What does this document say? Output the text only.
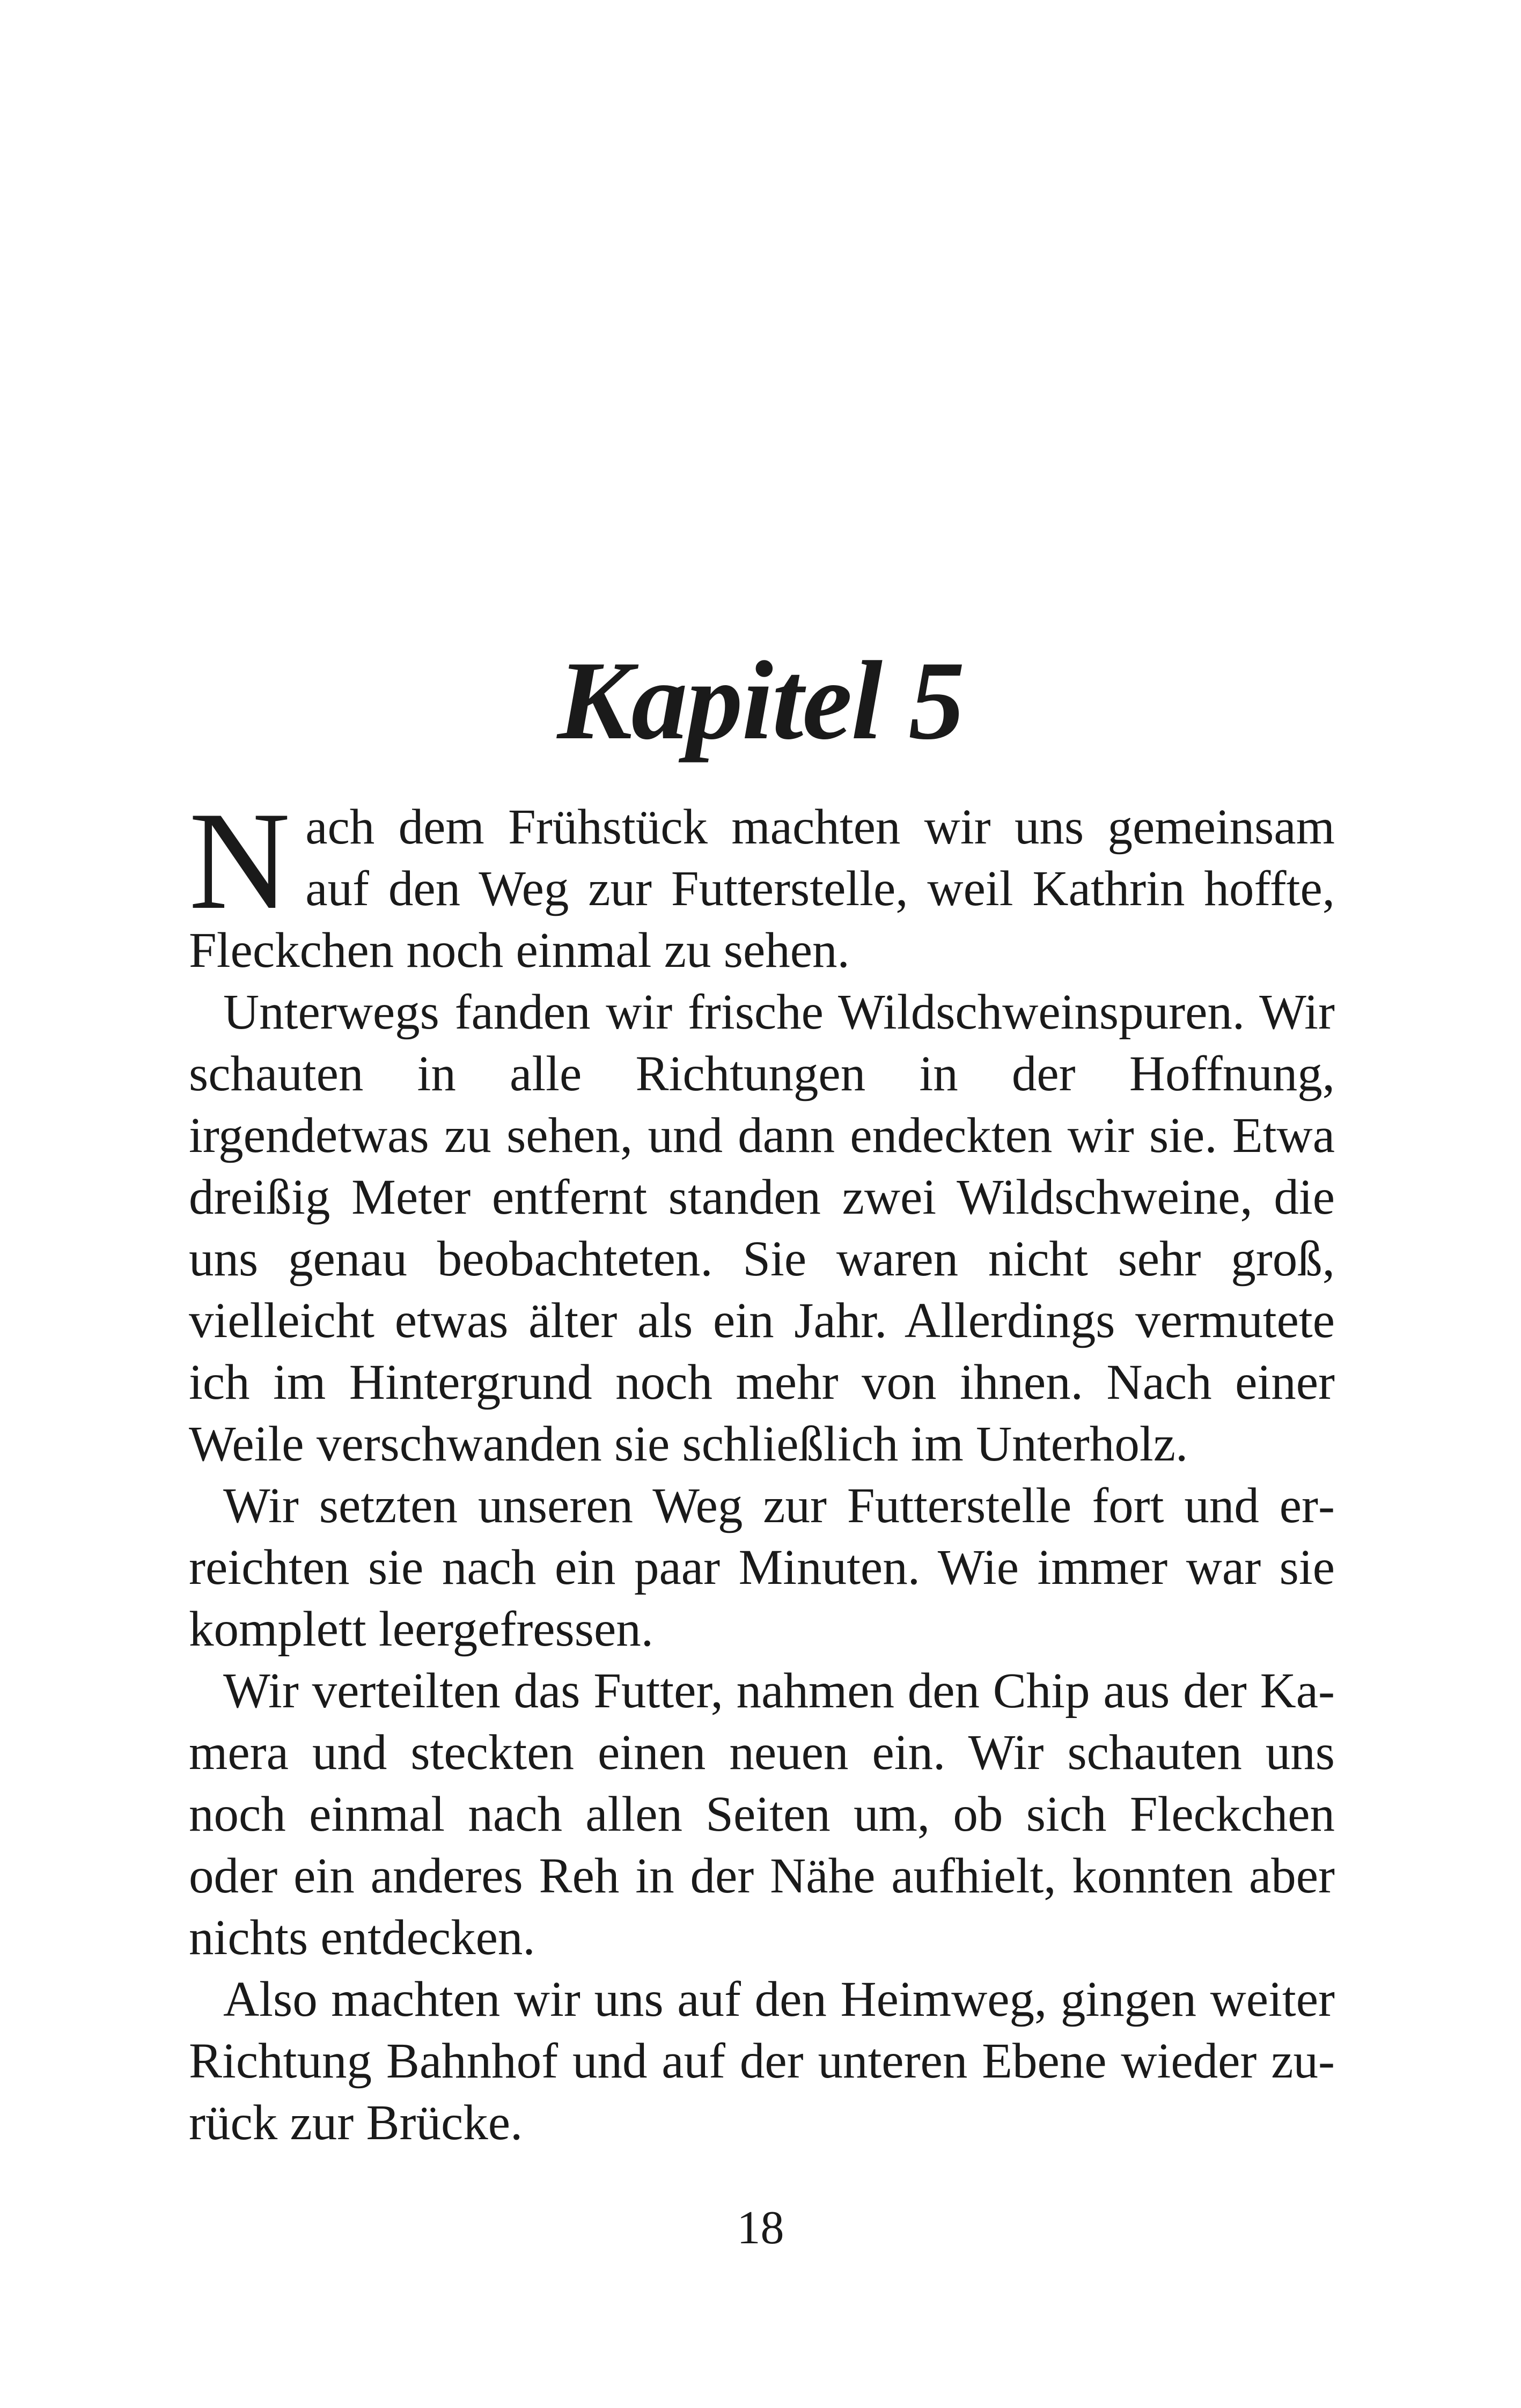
Kapitel 5

Nach dem Frühstück machten wir uns gemeinsam auf den Weg zur Futterstelle, weil Kathrin hoffte, Fleckchen noch einmal zu sehen.

Unterwegs fanden wir frische Wildschweinspuren. Wir schauten in alle Richtungen in der Hoffnung, irgendetwas zu sehen, und dann endeckten wir sie. Etwa dreißig Meter entfernt standen zwei Wildschweine, die uns genau beobachteten. Sie waren nicht sehr groß, vielleicht etwas älter als ein Jahr. Allerdings vermutete ich im Hintergrund noch mehr von ihnen. Nach einer Weile verschwanden sie schließlich im Unterholz.

Wir setzten unseren Weg zur Futterstelle fort und erreichten sie nach ein paar Minuten. Wie immer war sie komplett leergefressen.

Wir verteilten das Futter, nahmen den Chip aus der Kamera und steckten einen neuen ein. Wir schauten uns noch einmal nach allen Seiten um, ob sich Fleckchen oder ein anderes Reh in der Nähe aufhielt, konnten aber nichts entdecken.

Also machten wir uns auf den Heimweg, gingen weiter Richtung Bahnhof und auf der unteren Ebene wieder zurück zur Brücke.

18
